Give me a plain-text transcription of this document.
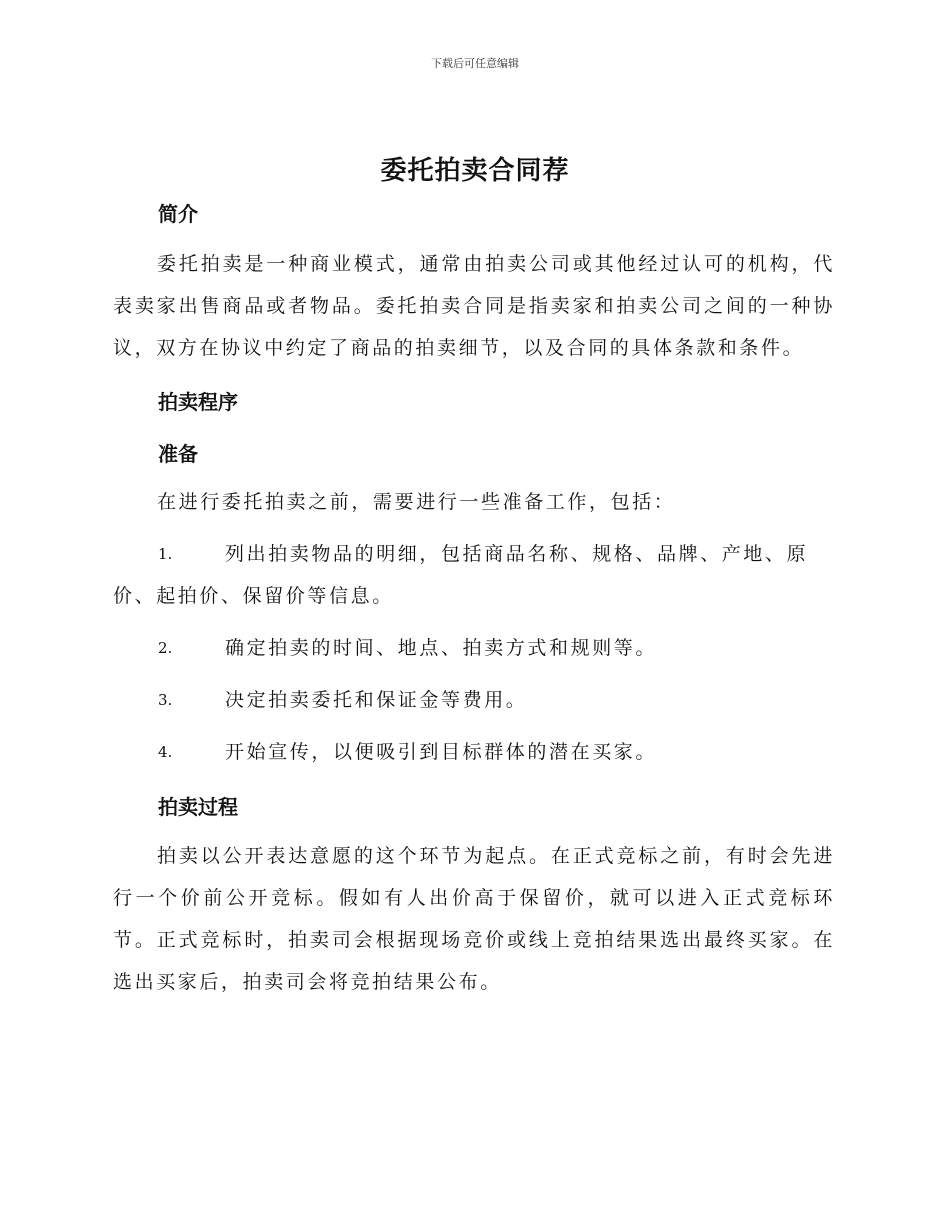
下载后可任意编辑
委托拍卖合同荐
简介

委托拍卖是一种商业模式，通常由拍卖公司或其他经过认可的机构，代表卖家出售商品或者物品。委托拍卖合同是指卖家和拍卖公司之间的一种协议，双方在协议中约定了商品的拍卖细节，以及合同的具体条款和条件。

拍卖程序
准备

在进行委托拍卖之前，需要进行一些准备工作，包括：

1.	列出拍卖物品的明细，包括商品名称、规格、品牌、产地、原价、起拍价、保留价等信息。
2.	确定拍卖的时间、地点、拍卖方式和规则等。
3.	决定拍卖委托和保证金等费用。
4.	开始宣传，以便吸引到目标群体的潜在买家。
拍卖过程

拍卖以公开表达意愿的这个环节为起点。在正式竞标之前，有时会先进行一个价前公开竞标。假如有人出价高于保留价，就可以进入正式竞标环节。正式竞标时，拍卖司会根据现场竞价或线上竞拍结果选出最终买家。在选出买家后，拍卖司会将竞拍结果公布。
